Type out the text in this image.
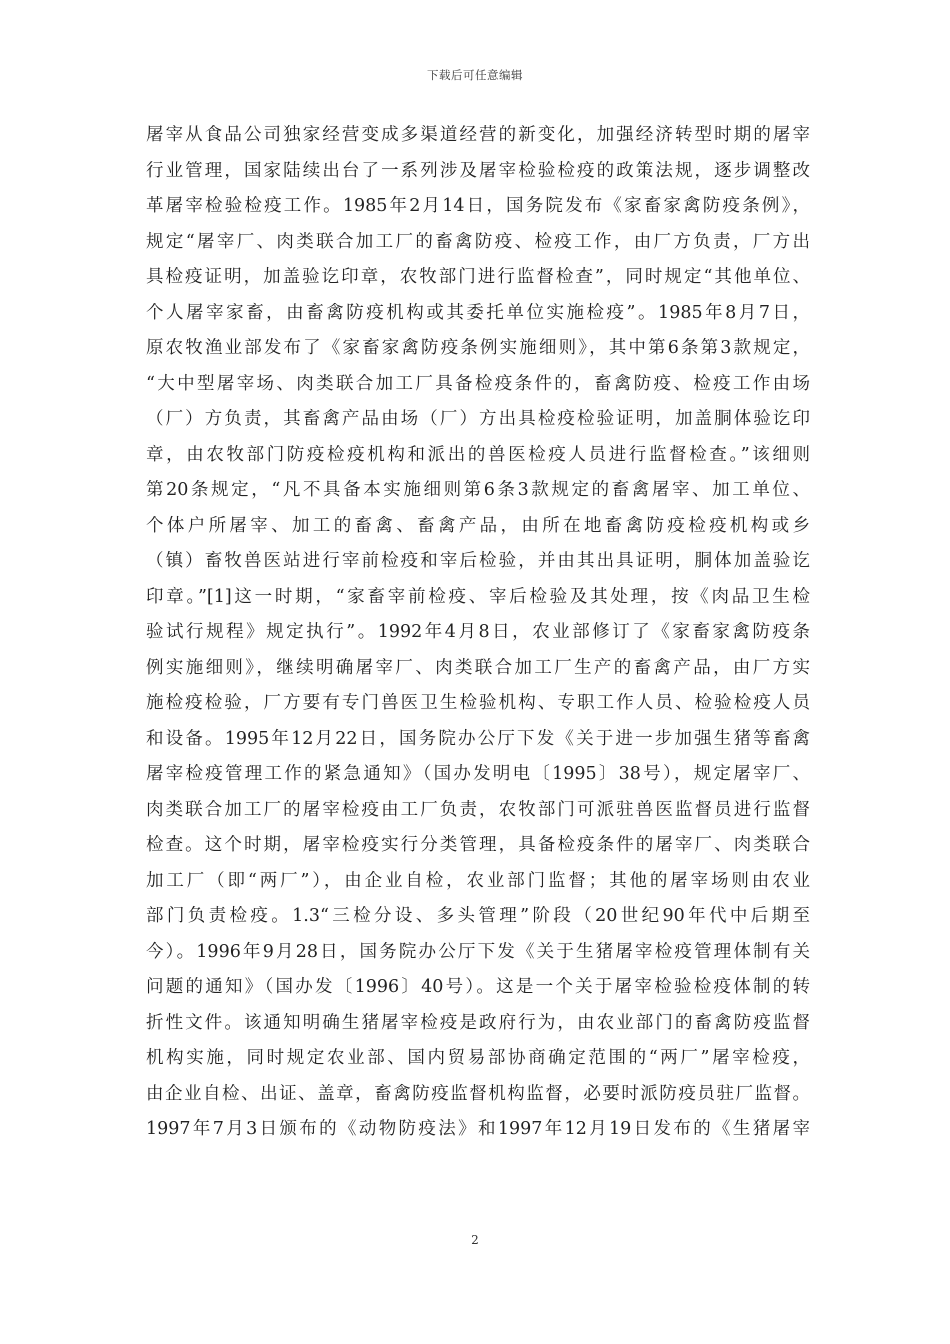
下载后可任意编辑
屠宰从食品公司独家经营变成多渠道经营的新变化，加强经济转型时期的屠宰
行业管理，国家陆续出台了一系列涉及屠宰检验检疫的政策法规，逐步调整改
革屠宰检验检疫工作。1985年2月14日，国务院发布《家畜家禽防疫条例》，
规定“屠宰厂、肉类联合加工厂的畜禽防疫、检疫工作，由厂方负责，厂方出
具检疫证明，加盖验讫印章，农牧部门进行监督检查”，同时规定“其他单位、
个人屠宰家畜，由畜禽防疫机构或其委托单位实施检疫”。1985年8月7日，
原农牧渔业部发布了《家畜家禽防疫条例实施细则》，其中第6条第3款规定，
“大中型屠宰场、肉类联合加工厂具备检疫条件的，畜禽防疫、检疫工作由场
（厂）方负责，其畜禽产品由场（厂）方出具检疫检验证明，加盖胴体验讫印
章，由农牧部门防疫检疫机构和派出的兽医检疫人员进行监督检查。”该细则
第20条规定，“凡不具备本实施细则第6条3款规定的畜禽屠宰、加工单位、
个体户所屠宰、加工的畜禽、畜禽产品，由所在地畜禽防疫检疫机构或乡
（镇）畜牧兽医站进行宰前检疫和宰后检验，并由其出具证明，胴体加盖验讫
印章。”[1]这一时期，“家畜宰前检疫、宰后检验及其处理，按《肉品卫生检
验试行规程》规定执行”。1992年4月8日，农业部修订了《家畜家禽防疫条
例实施细则》，继续明确屠宰厂、肉类联合加工厂生产的畜禽产品，由厂方实
施检疫检验，厂方要有专门兽医卫生检验机构、专职工作人员、检验检疫人员
和设备。1995年12月22日，国务院办公厅下发《关于进一步加强生猪等畜禽
屠宰检疫管理工作的紧急通知》（国办发明电〔1995〕38号），规定屠宰厂、
肉类联合加工厂的屠宰检疫由工厂负责，农牧部门可派驻兽医监督员进行监督
检查。这个时期，屠宰检疫实行分类管理，具备检疫条件的屠宰厂、肉类联合
加工厂（即“两厂”），由企业自检，农业部门监督；其他的屠宰场则由农业
部门负责检疫。1.3“三检分设、多头管理”阶段（20世纪90年代中后期至
今）。1996年9月28日，国务院办公厅下发《关于生猪屠宰检疫管理体制有关
问题的通知》（国办发〔1996〕40号）。这是一个关于屠宰检验检疫体制的转
折性文件。该通知明确生猪屠宰检疫是政府行为，由农业部门的畜禽防疫监督
机构实施，同时规定农业部、国内贸易部协商确定范围的“两厂”屠宰检疫，
由企业自检、出证、盖章，畜禽防疫监督机构监督，必要时派防疫员驻厂监督。
1997年7月3日颁布的《动物防疫法》和1997年12月19日发布的《生猪屠宰
2
